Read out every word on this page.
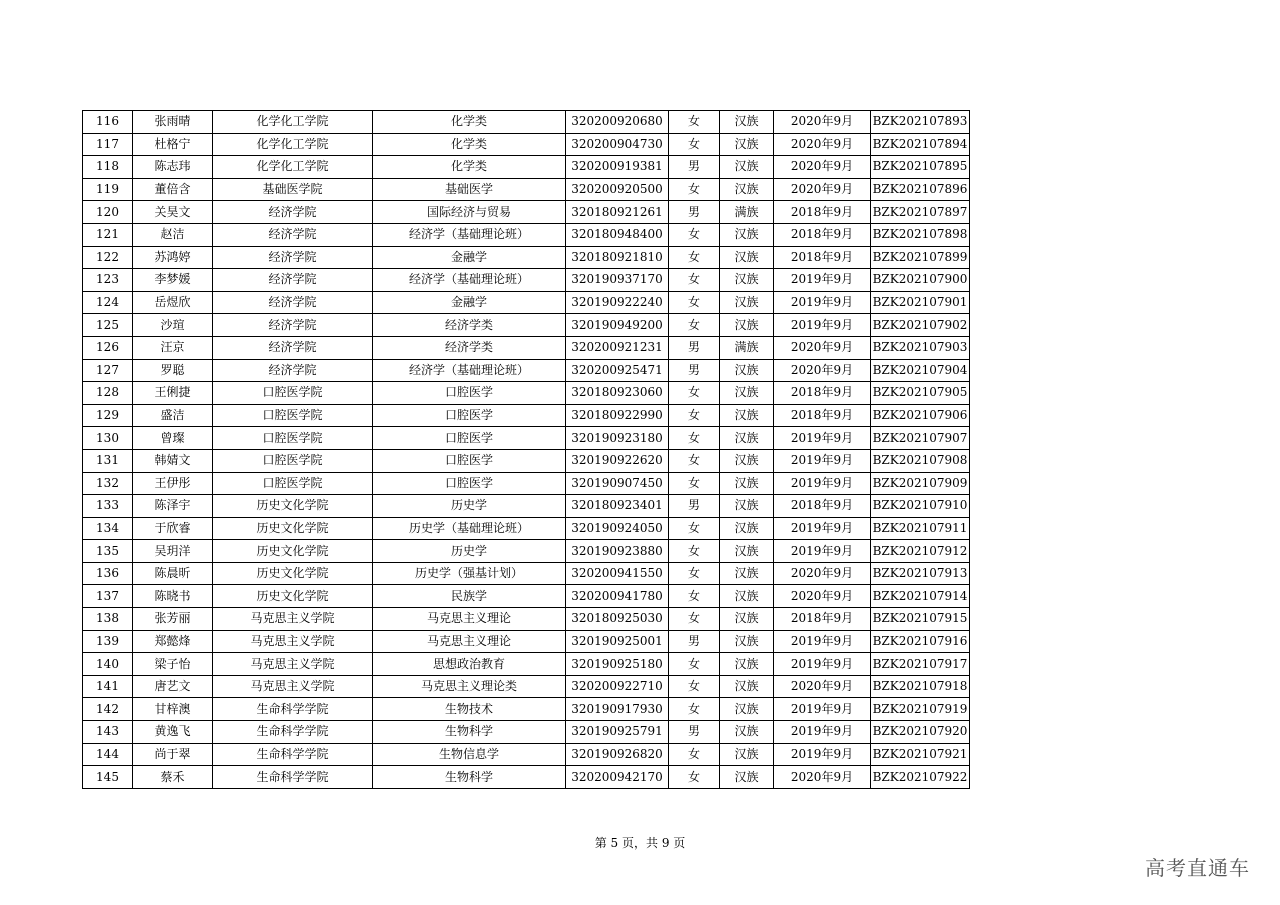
116	张雨晴	化学化工学院	化学类	320200920680	女	汉族	2020年9月	BZK202107893
117	杜格宁	化学化工学院	化学类	320200904730	女	汉族	2020年9月	BZK202107894
118	陈志玮	化学化工学院	化学类	320200919381	男	汉族	2020年9月	BZK202107895
119	董倍含	基础医学院	基础医学	320200920500	女	汉族	2020年9月	BZK202107896
120	关昊文	经济学院	国际经济与贸易	320180921261	男	满族	2018年9月	BZK202107897
121	赵洁	经济学院	经济学（基础理论班）	320180948400	女	汉族	2018年9月	BZK202107898
122	苏鸿婷	经济学院	金融学	320180921810	女	汉族	2018年9月	BZK202107899
123	李梦媛	经济学院	经济学（基础理论班）	320190937170	女	汉族	2019年9月	BZK202107900
124	岳煜欣	经济学院	金融学	320190922240	女	汉族	2019年9月	BZK202107901
125	沙瑄	经济学院	经济学类	320190949200	女	汉族	2019年9月	BZK202107902
126	汪京	经济学院	经济学类	320200921231	男	满族	2020年9月	BZK202107903
127	罗聪	经济学院	经济学（基础理论班）	320200925471	男	汉族	2020年9月	BZK202107904
128	王俐捷	口腔医学院	口腔医学	320180923060	女	汉族	2018年9月	BZK202107905
129	盛洁	口腔医学院	口腔医学	320180922990	女	汉族	2018年9月	BZK202107906
130	曾璨	口腔医学院	口腔医学	320190923180	女	汉族	2019年9月	BZK202107907
131	韩婧文	口腔医学院	口腔医学	320190922620	女	汉族	2019年9月	BZK202107908
132	王伊彤	口腔医学院	口腔医学	320190907450	女	汉族	2019年9月	BZK202107909
133	陈泽宇	历史文化学院	历史学	320180923401	男	汉族	2018年9月	BZK202107910
134	于欣睿	历史文化学院	历史学（基础理论班）	320190924050	女	汉族	2019年9月	BZK202107911
135	吴玥洋	历史文化学院	历史学	320190923880	女	汉族	2019年9月	BZK202107912
136	陈晨昕	历史文化学院	历史学（强基计划）	320200941550	女	汉族	2020年9月	BZK202107913
137	陈晓书	历史文化学院	民族学	320200941780	女	汉族	2020年9月	BZK202107914
138	张芳丽	马克思主义学院	马克思主义理论	320180925030	女	汉族	2018年9月	BZK202107915
139	郑懿烽	马克思主义学院	马克思主义理论	320190925001	男	汉族	2019年9月	BZK202107916
140	梁子怡	马克思主义学院	思想政治教育	320190925180	女	汉族	2019年9月	BZK202107917
141	唐艺文	马克思主义学院	马克思主义理论类	320200922710	女	汉族	2020年9月	BZK202107918
142	甘梓澳	生命科学学院	生物技术	320190917930	女	汉族	2019年9月	BZK202107919
143	黄逸飞	生命科学学院	生物科学	320190925791	男	汉族	2019年9月	BZK202107920
144	尚于翠	生命科学学院	生物信息学	320190926820	女	汉族	2019年9月	BZK202107921
145	蔡禾	生命科学学院	生物科学	320200942170	女	汉族	2020年9月	BZK202107922
第 5 页，共 9 页
高考直通车
